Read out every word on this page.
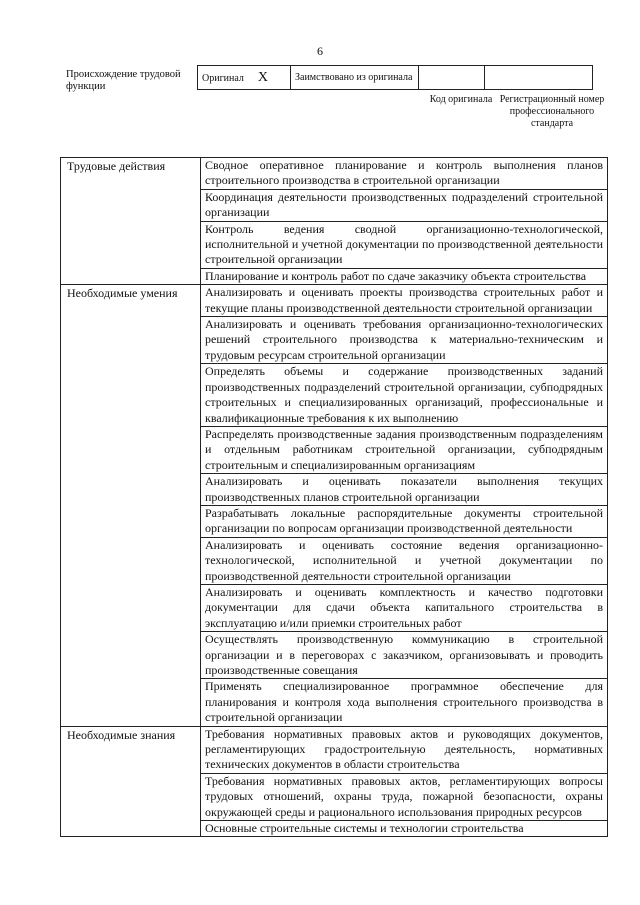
6
Происхождение трудовой функции
Оригинал X	Заимствовано из оригинала		
Код оригинала Регистрационный номер профессионального стандарта
Трудовые действия	Сводное оперативное планирование и контроль выполнения планов строительного производства в строительной организации
	Координация деятельности производственных подразделений строительной организации
	Контроль ведения сводной организационно-технологической, исполнительной и учетной документации по производственной деятельности строительной организации
	Планирование и контроль работ по сдаче заказчику объекта строительства
Необходимые умения	Анализировать и оценивать проекты производства строительных работ и текущие планы производственной деятельности строительной организации
	Анализировать и оценивать требования организационно-технологических решений строительного производства к материально-техническим и трудовым ресурсам строительной организации
	Определять объемы и содержание производственных заданий производственных подразделений строительной организации, субподрядных строительных и специализированных организаций, профессиональные и квалификационные требования к их выполнению
	Распределять производственные задания производственным подразделениям и отдельным работникам строительной организации, субподрядным строительным и специализированным организациям
	Анализировать и оценивать показатели выполнения текущих производственных планов строительной организации
	Разрабатывать локальные распорядительные документы строительной организации по вопросам организации производственной деятельности
	Анализировать и оценивать состояние ведения организационно-технологической, исполнительной и учетной документации по производственной деятельности строительной организации
	Анализировать и оценивать комплектность и качество подготовки документации для сдачи объекта капитального строительства в эксплуатацию и/или приемки строительных работ
	Осуществлять производственную коммуникацию в строительной организации и в переговорах с заказчиком, организовывать и проводить производственные совещания
	Применять специализированное программное обеспечение для планирования и контроля хода выполнения строительного производства в строительной организации
Необходимые знания	Требования нормативных правовых актов и руководящих документов, регламентирующих градостроительную деятельность, нормативных технических документов в области строительства
	Требования нормативных правовых актов, регламентирующих вопросы трудовых отношений, охраны труда, пожарной безопасности, охраны окружающей среды и рационального использования природных ресурсов
	Основные строительные системы и технологии строительства
